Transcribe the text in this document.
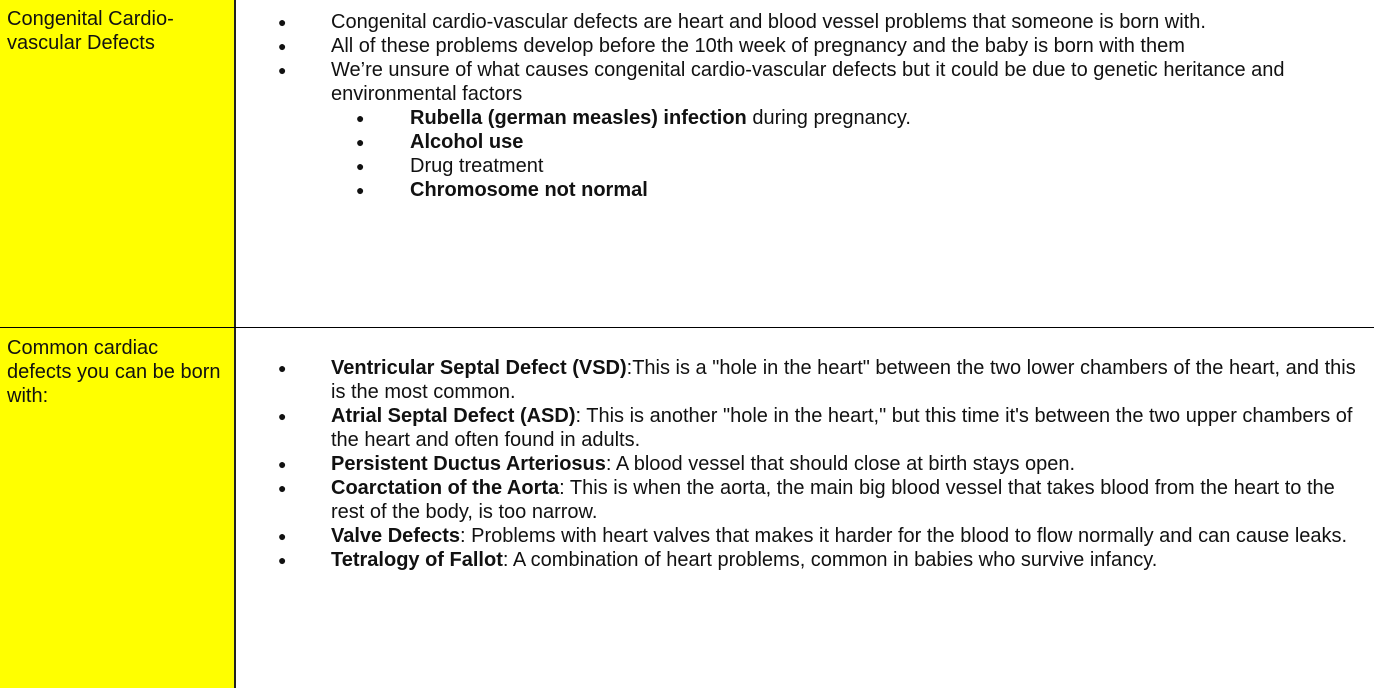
Congenital Cardio-vascular Defects
● Congenital cardio-vascular defects are heart and blood vessel problems that someone is born with.
● All of these problems develop before the 10th week of pregnancy and the baby is born with them
● We’re unsure of what causes congenital cardio-vascular defects but it could be due to genetic heritance and environmental factors
● Rubella (german measles) infection during pregnancy.
● Alcohol use
● Drug treatment
● Chromosome not normal
Common cardiac defects you can be born with:
● Ventricular Septal Defect (VSD):This is a "hole in the heart" between the two lower chambers of the heart, and this is the most common.
● Atrial Septal Defect (ASD): This is another "hole in the heart," but this time it's between the two upper chambers of the heart and often found in adults.
● Persistent Ductus Arteriosus: A blood vessel that should close at birth stays open.
● Coarctation of the Aorta: This is when the aorta, the main big blood vessel that takes blood from the heart to the rest of the body, is too narrow.
● Valve Defects: Problems with heart valves that makes it harder for the blood to flow normally and can cause leaks.
● Tetralogy of Fallot: A combination of heart problems, common in babies who survive infancy.
